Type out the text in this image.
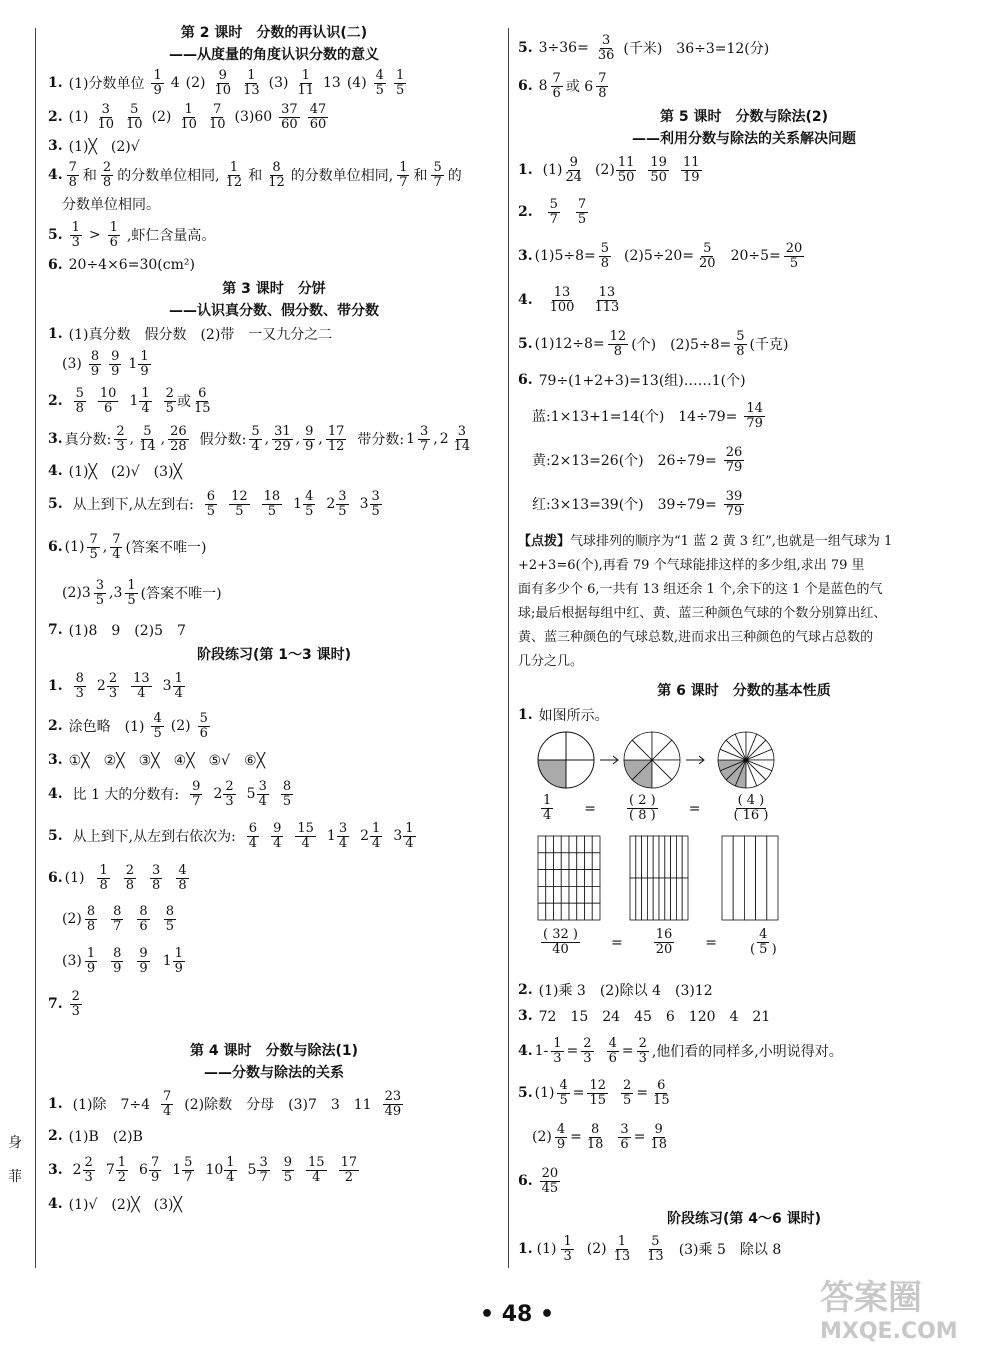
身
菲
第 2 课时　分数的再认识(二)
——从度量的角度认识分数的意义
1. (1)分数单位
1
9 4 (2) 9
10
1
13 (3) 1
11 13 (4) 4
5
1
5
2. (1) 3
10
5
10 (2) 1
10
7
10 (3)60 37
60
47
60
3. (1)╳　(2)√
4. 7
8 和
2
8 的分数单位相同,
1
12 和
8
12 的分数单位相同,
1
7 和
5
7 的
分数单位相同。
5. 1
3 > 1
6 ,虾仁含量高。
6. 20÷4×6=30(cm²)
第 3 课时　分饼
——认识真分数、假分数、带分数
1. (1)真分数　假分数　(2)带　一又九分之二
(3) 8
9
9
9 1 1
9
2. 5
8
10
6 1 1
4
2
5 或
6
15
3. 真分数:
2
3 , 5
14 , 26
28 假分数:
5
4 , 31
29 , 9
9 , 17
12 带分数: 1 3
7 , 2 3
14
4. (1)╳　(2)√　(3)╳
5. 从上到下,从左到右:
6
5
12
5
18
5 1 4
5 2 3
5 3 3
5
6. (1) 7
5 , 7
4 (答案不唯一)
(2)3 3
5 ,3 1
5 (答案不唯一)
7. (1)8　9　(2)5　7
阶段练习(第 1～3 课时)
1. 8
3 2 2
3
13
4 3 1
4
2. 涂色略　(1)
4
5 (2) 5
6
3. ①╳　②╳　③╳　④╳　⑤√　⑥╳
4. 比 1 大的分数有:
9
7 2 2
3 5 3
4
8
5
5. 从上到下,从左到右依次为:
6
4
9
4
15
4 1 3
4 2 1
4 3 1
4
6. (1) 1
8
2
8
3
8
4
8
(2) 8
8
8
7
8
6
8
5
(3) 1
9
8
9
9
9 1 1
9
7. 2
3
第 4 课时　分数与除法(1)
——分数与除法的关系
1. (1)除　7÷4
7
4 (2)除数　分母　(3)7　3　11
23
49
2. (1)B　(2)B
3. 2 2
3 7 1
2 6 7
9 1 5
7 10 1
4 5 3
7
9
5
15
4
17
2
4. (1)√　(2)╳　(3)╳
5. $3\div 36= \frac{3}{36}$ (千米)　36÷3=12(分)
6. 8 7
6 或 6
7
8
第 5 课时　分数与除法(2)
——利用分数与除法的关系解决问题
1. (1) 9
24 (2) 11
50
19
50
11
19
2. 5
7
7
5
3. $(1)5\div 8= \frac{5}{8} (2)5\div 20= \frac{5}{20} 20\div 5= \frac{20}{5}$
4. 13
100
13
113
5. $(1)12\div 8= \frac{12}{8}$ (个)　$(2)5\div 8= \frac{5}{8}$ (千克)
6. 79÷(1+2+3)=13(组)……1(个)
蓝:1×13+1=14(个)　$14\div 79= \frac{14}{79}$
黄:2×13=26(个)　$26\div 79= \frac{26}{79}$
红:3×13=39(个)　$39\div 79= \frac{39}{79}$
【点拨】气球排列的顺序为“1 蓝 2 黄 3 红”,也就是一组气球为 1
+2+3=6(个),再看 79 个气球能排这样的多少组,求出 79 里
面有多少个 6,一共有 13 组还余 1 个,余下的这 1 个是蓝色的气
球;最后根据每组中红、黄、蓝三种颜色气球的个数分别算出红、
黄、蓝三种颜色的气球总数,进而求出三种颜色的气球占总数的
几分之几。
第 6 课时　分数的基本性质
1. 如图所示。
$\frac{1}{4} = \frac{( 2 )}{( 8 )} = \frac{( 4 )}{( 16 )}$
$\frac{( 32 )}{40} = \frac{16}{20} = \frac{4}{( 5 )}$
2. (1)乘 3　(2)除以 4　(3)12
3. 72　15　24　45　6　120　4　21
4. $1- \frac{1}{3} = \frac{2}{3} \frac{4}{6} = \frac{2}{3}$ ,他们看的同样多,小明说得对。
5. $(1) \frac{4}{5} = \frac{12}{15} \frac{2}{5} = \frac{6}{15}$
$(2) \frac{4}{9} = \frac{8}{18} \frac{3}{6} = \frac{9}{18}$
6. 20
45
阶段练习(第 4～6 课时)
1. (1) 1
3 (2) 1
13
5
13 (3)乘 5　除以 8
• 48 •	答案圈
MXQE.COM
